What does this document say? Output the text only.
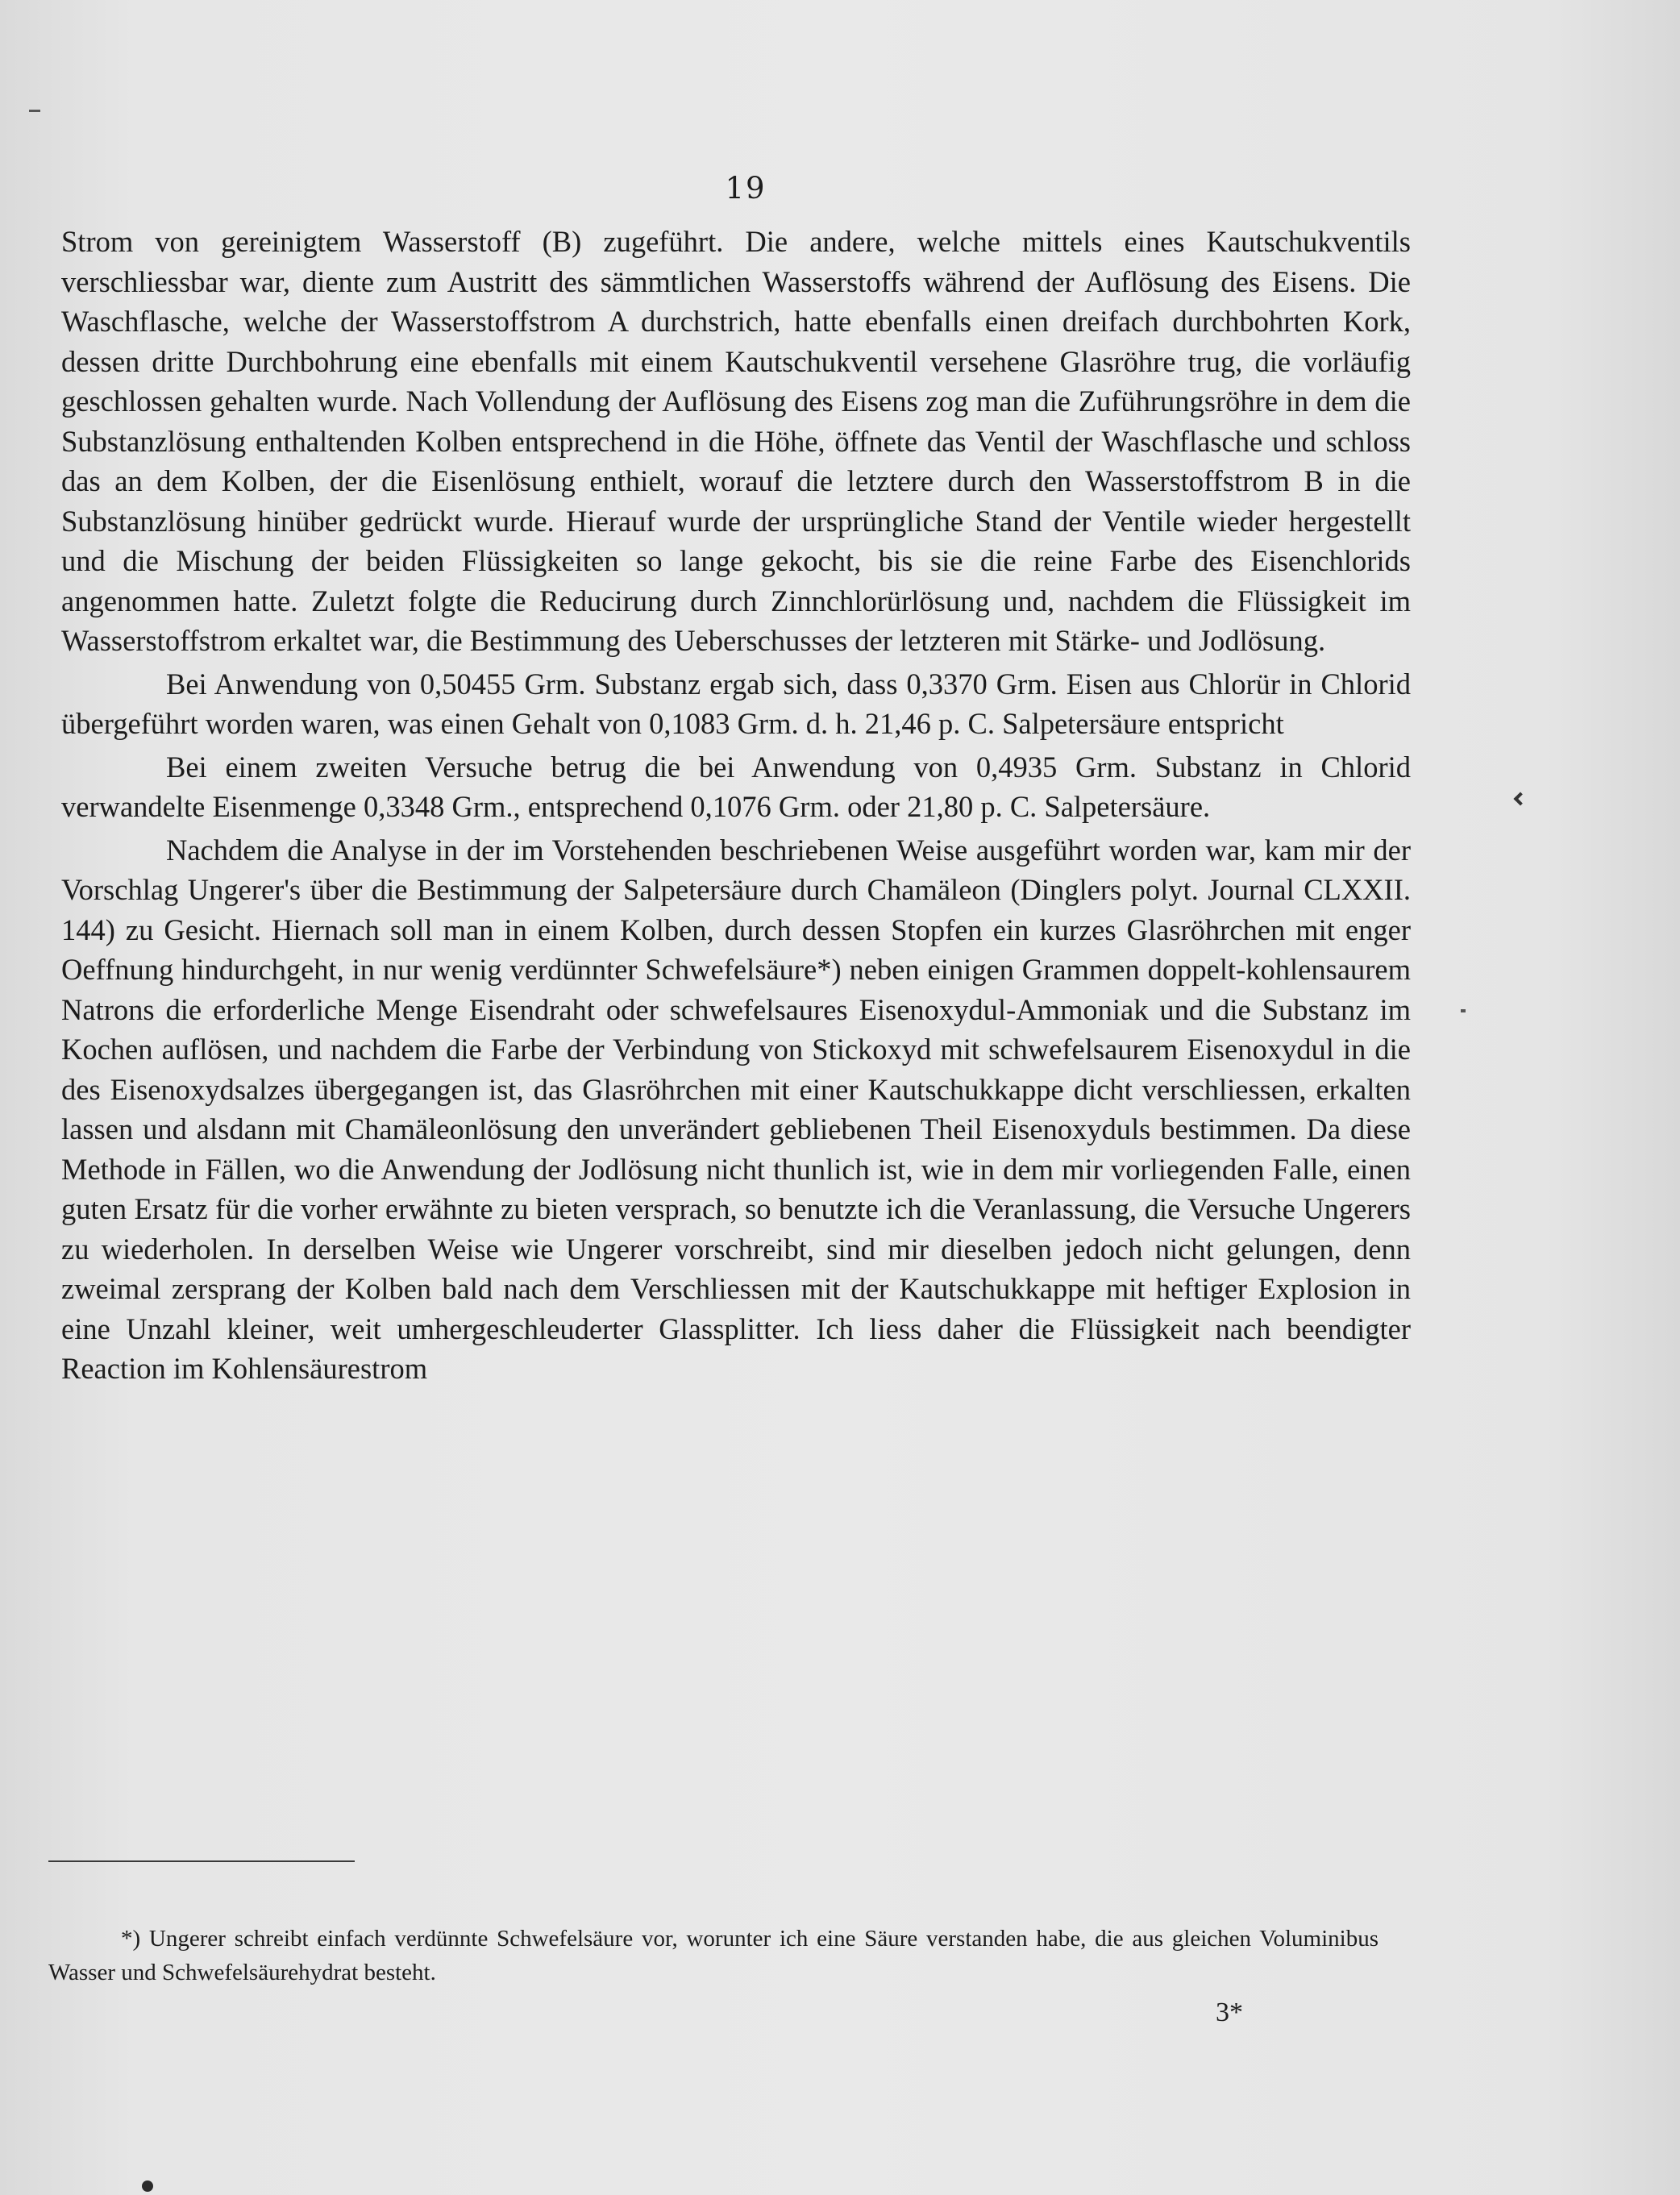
19

Strom von gereinigtem Wasserstoff (B) zugeführt. Die andere, welche mittels eines Kautschukventils verschliessbar war, diente zum Austritt des sämmtlichen Wasserstoffs während der Auflösung des Eisens. Die Waschflasche, welche der Wasserstoffstrom A durchstrich, hatte ebenfalls einen dreifach durchbohrten Kork, dessen dritte Durchbohrung eine ebenfalls mit einem Kautschukventil versehene Glasröhre trug, die vorläufig geschlossen gehalten wurde. Nach Vollendung der Auflösung des Eisens zog man die Zuführungsröhre in dem die Substanzlösung enthaltenden Kolben entsprechend in die Höhe, öffnete das Ventil der Waschflasche und schloss das an dem Kolben, der die Eisenlösung enthielt, worauf die letztere durch den Wasserstoffstrom B in die Substanzlösung hinüber gedrückt wurde. Hierauf wurde der ursprüngliche Stand der Ventile wieder hergestellt und die Mischung der beiden Flüssigkeiten so lange gekocht, bis sie die reine Farbe des Eisenchlorids angenommen hatte. Zuletzt folgte die Reducirung durch Zinnchlorürlösung und, nachdem die Flüssigkeit im Wasserstoffstrom erkaltet war, die Bestimmung des Ueberschusses der letzteren mit Stärke- und Jodlösung.

Bei Anwendung von 0,50455 Grm. Substanz ergab sich, dass 0,3370 Grm. Eisen aus Chlorür in Chlorid übergeführt worden waren, was einen Gehalt von 0,1083 Grm. d. h. 21,46 p. C. Salpetersäure entspricht

Bei einem zweiten Versuche betrug die bei Anwendung von 0,4935 Grm. Substanz in Chlorid verwandelte Eisenmenge 0,3348 Grm., entsprechend 0,1076 Grm. oder 21,80 p. C. Salpetersäure.

Nachdem die Analyse in der im Vorstehenden beschriebenen Weise ausgeführt worden war, kam mir der Vorschlag Ungerer's über die Bestimmung der Salpetersäure durch Chamäleon (Dinglers polyt. Journal CLXXII. 144) zu Gesicht. Hiernach soll man in einem Kolben, durch dessen Stopfen ein kurzes Glasröhrchen mit enger Oeffnung hindurchgeht, in nur wenig verdünnter Schwefelsäure*) neben einigen Grammen doppelt-kohlensaurem Natrons die erforderliche Menge Eisendraht oder schwefelsaures Eisenoxydul-Ammoniak und die Substanz im Kochen auflösen, und nachdem die Farbe der Verbindung von Stickoxyd mit schwefelsaurem Eisenoxydul in die des Eisenoxydsalzes übergegangen ist, das Glasröhrchen mit einer Kautschukkappe dicht verschliessen, erkalten lassen und alsdann mit Chamäleonlösung den unverändert gebliebenen Theil Eisenoxyduls bestimmen. Da diese Methode in Fällen, wo die Anwendung der Jodlösung nicht thunlich ist, wie in dem mir vorliegenden Falle, einen guten Ersatz für die vorher erwähnte zu bieten versprach, so benutzte ich die Veranlassung, die Versuche Ungerers zu wiederholen. In derselben Weise wie Ungerer vorschreibt, sind mir dieselben jedoch nicht gelungen, denn zweimal zersprang der Kolben bald nach dem Verschliessen mit der Kautschukkappe mit heftiger Explosion in eine Unzahl kleiner, weit umhergeschleuderter Glassplitter. Ich liess daher die Flüssigkeit nach beendigter Reaction im Kohlensäurestrom

*) Ungerer schreibt einfach verdünnte Schwefelsäure vor, worunter ich eine Säure verstanden habe, die aus gleichen Voluminibus Wasser und Schwefelsäurehydrat besteht.
3*
